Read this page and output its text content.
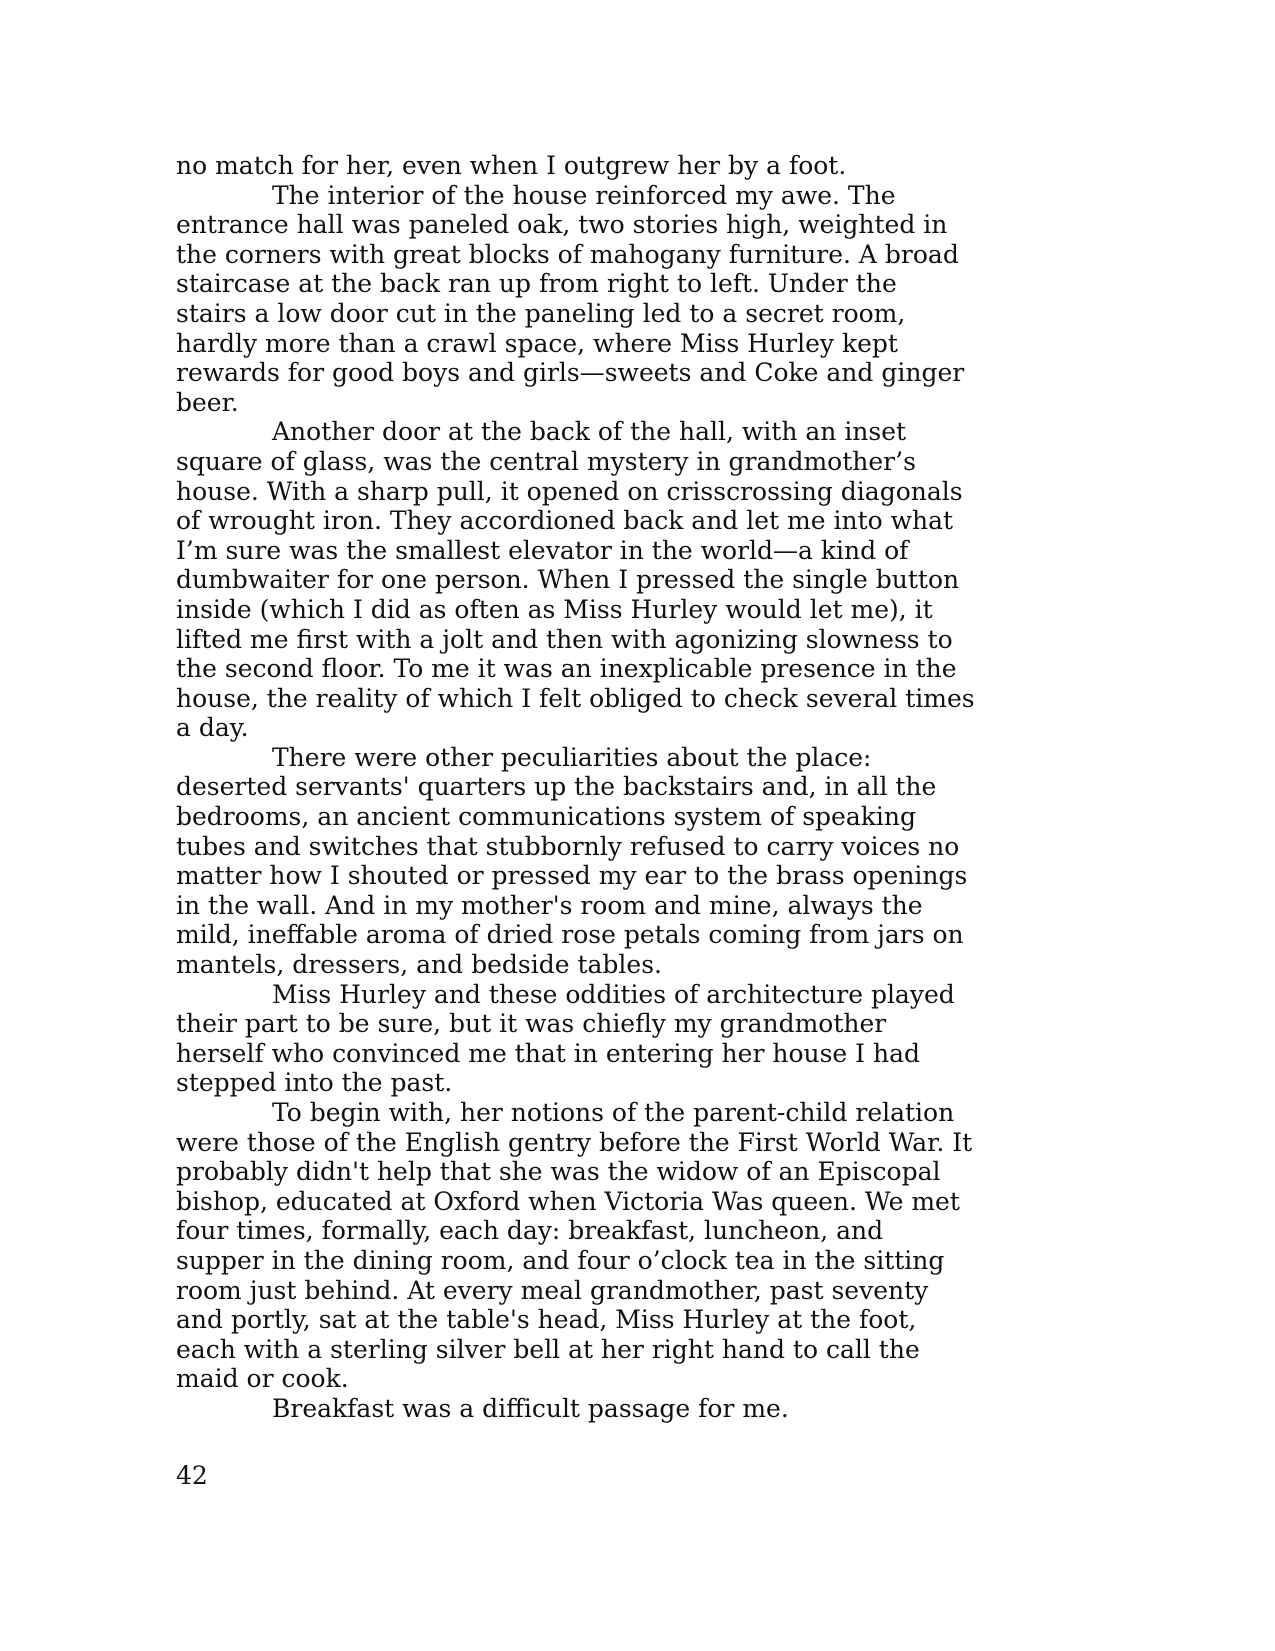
no match for her, even when I outgrew her by a foot.
The interior of the house reinforced my awe. The
entrance hall was paneled oak, two stories high, weighted in
the corners with great blocks of mahogany furniture. A broad
staircase at the back ran up from right to left. Under the
stairs a low door cut in the paneling led to a secret room,
hardly more than a crawl space, where Miss Hurley kept
rewards for good boys and girls—sweets and Coke and ginger
beer.
Another door at the back of the hall, with an inset
square of glass, was the central mystery in grandmother’s
house. With a sharp pull, it opened on crisscrossing diagonals
of wrought iron. They accordioned back and let me into what
I’m sure was the smallest elevator in the world—a kind of
dumbwaiter for one person. When I pressed the single button
inside (which I did as often as Miss Hurley would let me), it
lifted me first with a jolt and then with agonizing slowness to
the second floor. To me it was an inexplicable presence in the
house, the reality of which I felt obliged to check several times
a day.
There were other peculiarities about the place:
deserted servants' quarters up the backstairs and, in all the
bedrooms, an ancient communications system of speaking
tubes and switches that stubbornly refused to carry voices no
matter how I shouted or pressed my ear to the brass openings
in the wall. And in my mother's room and mine, always the
mild, ineffable aroma of dried rose petals coming from jars on
mantels, dressers, and bedside tables.
Miss Hurley and these oddities of architecture played
their part to be sure, but it was chiefly my grandmother
herself who convinced me that in entering her house I had
stepped into the past.
To begin with, her notions of the parent-child relation
were those of the English gentry before the First World War. It
probably didn't help that she was the widow of an Episcopal
bishop, educated at Oxford when Victoria Was queen. We met
four times, formally, each day: breakfast, luncheon, and
supper in the dining room, and four o’clock tea in the sitting
room just behind. At every meal grandmother, past seventy
and portly, sat at the table's head, Miss Hurley at the foot,
each with a sterling silver bell at her right hand to call the
maid or cook.
Breakfast was a difficult passage for me.
42
